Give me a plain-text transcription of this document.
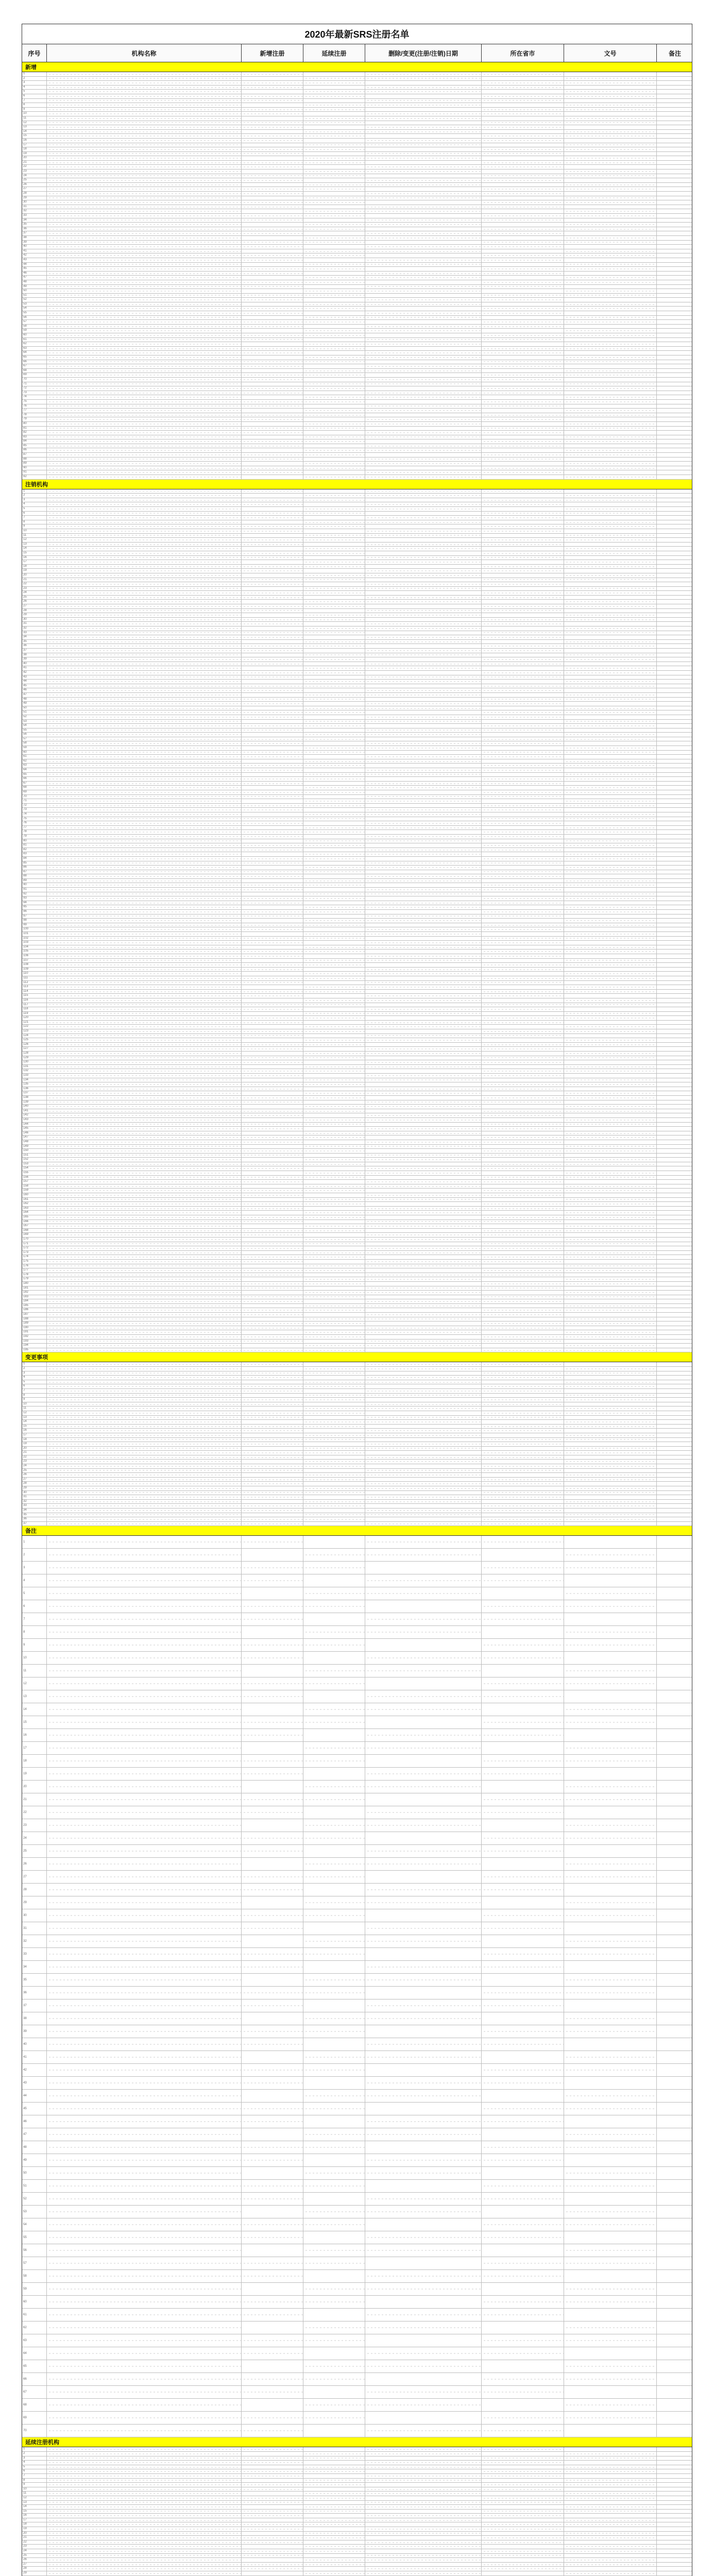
2020年最新SRS注册名单
序号	机构名称	新增注册	延续注册	删除/变更(注册/注销)日期	所在省市	文号	备注
新增
1
2
3
4
5
6
7
8
9
10
11
12
13
14
15
16
17
18
19
20
21
22
23
24
25
26
27
28
29
30
31
32
33
34
35
36
37
38
39
40
41
42
43
44
45
46
47
48
49
50
51
52
53
54
55
56
57
58
59
60
61
62
63
64
65
66
67
68
69
70
71
72
73
74
75
76
77
78
79
80
81
82
83
84
85
86
87
88
89
90
91
92
注销机构
1
2
3
4
5
6
7
8
9
10
11
12
13
14
15
16
17
18
19
20
21
22
23
24
25
26
27
28
29
30
31
32
33
34
35
36
37
38
39
40
41
42
43
44
45
46
47
48
49
50
51
52
53
54
55
56
57
58
59
60
61
62
63
64
65
66
67
68
69
70
71
72
73
74
75
76
77
78
79
80
81
82
83
84
85
86
87
88
89
90
91
92
93
94
95
96
97
98
99
100
101
102
103
104
105
106
107
108
109
110
111
112
113
114
115
116
117
118
119
120
121
122
123
124
125
126
127
128
129
130
131
132
133
134
135
136
137
138
139
140
141
142
143
144
145
146
147
148
149
150
151
152
153
154
155
156
157
158
159
160
161
162
163
164
165
166
167
168
169
170
171
172
173
174
175
176
177
178
179
180
181
182
183
184
185
186
187
188
189
190
191
192
193
194
195
变更事项
1
2
3
4
5
6
7
8
9
10
11
12
13
14
15
16
17
18
19
20
21
22
23
24
25
26
27
28
29
30
31
32
33
34
35
36
37
备注
1
2
3
4
5
6
7
8
9
10
11
12
13
14
15
16
17
18
19
20
21
22
23
24
25
26
27
28
29
30
31
32
33
34
35
36
37
38
39
40
41
42
43
44
45
46
47
48
49
50
51
52
53
54
55
56
57
58
59
60
61
62
63
64
65
66
67
68
69
70
延续注册机构
1
2
3
4
5
6
7
8
9
10
11
12
13
14
15
16
17
18
19
20
21
22
23
24
25
26
27
28
29
